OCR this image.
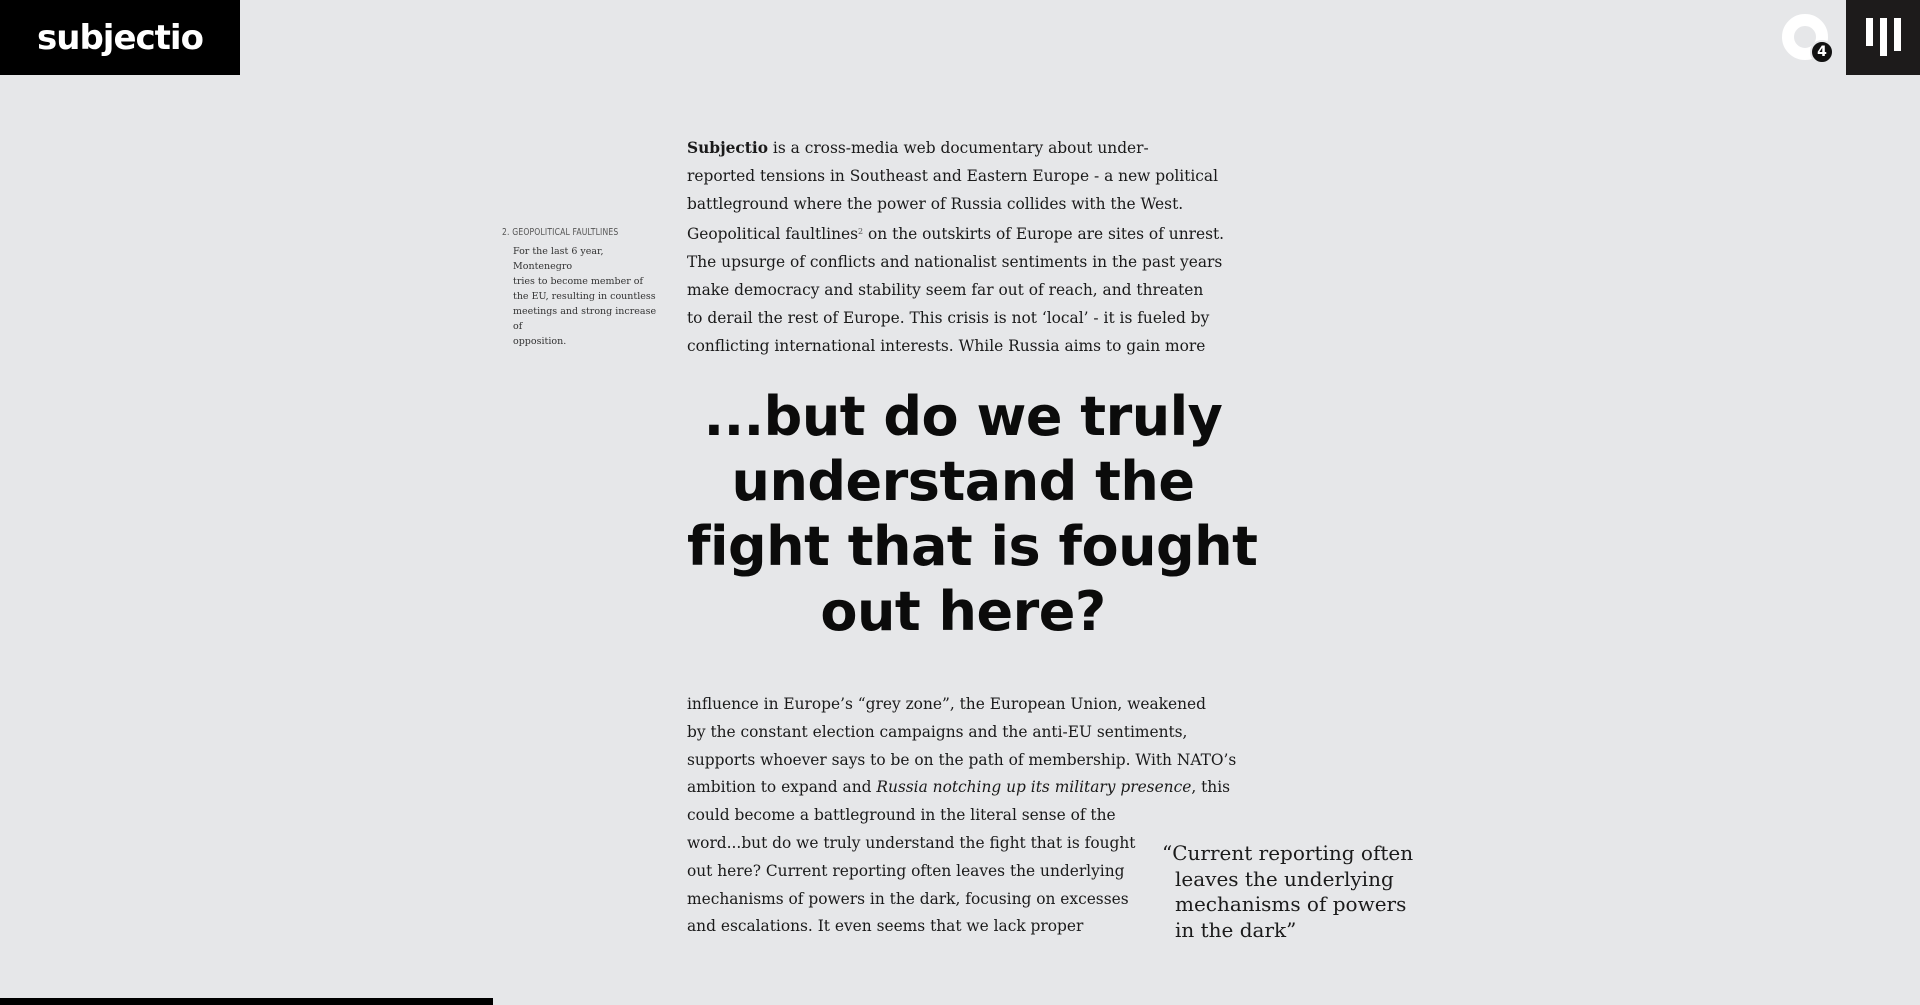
subjectio	4
2. GEOPOLITICAL FAULTLINES
For the last 6 year, Montenegro
tries to become member of
the EU, resulting in countless
meetings and strong increase of
opposition.
Subjectio is a cross-media web documentary about under-
reported tensions in Southeast and Eastern Europe - a new political
battleground where the power of Russia collides with the West.
Geopolitical faultlines$^2$ on the outskirts of Europe are sites of unrest.
The upsurge of conflicts and nationalist sentiments in the past years
make democracy and stability seem far out of reach, and threaten
to derail the rest of Europe. This crisis is not ‘local’ - it is fueled by
conflicting international interests. While Russia aims to gain more
...but do we truly
understand the
fight that is fought
out here?
influence in Europe’s “grey zone”, the European Union, weakened
by the constant election campaigns and the anti-EU sentiments,
supports whoever says to be on the path of membership. With NATO’s
ambition to expand and Russia notching up its military presence, this
could become a battleground in the literal sense of the
word...but do we truly understand the fight that is fought
out here? Current reporting often leaves the underlying
mechanisms of powers in the dark, focusing on excesses
and escalations. It even seems that we lack proper
“Current reporting often
leaves the underlying
mechanisms of powers
in the dark”
